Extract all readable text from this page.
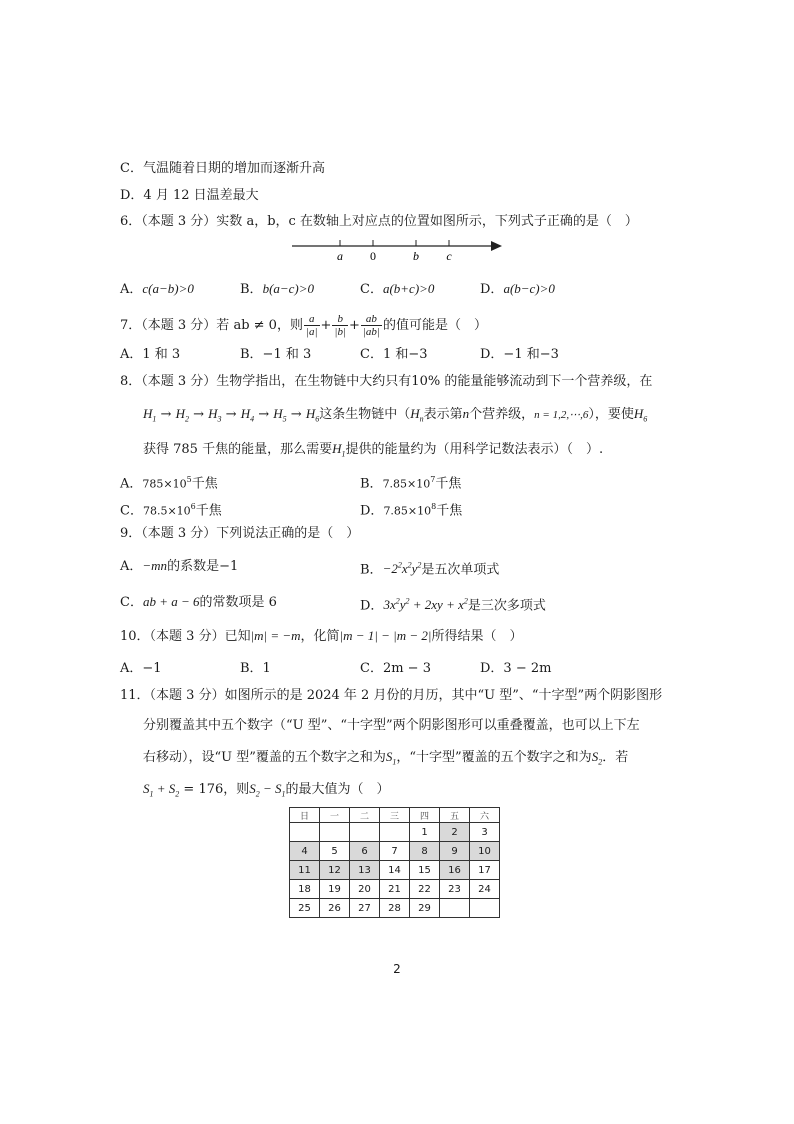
C．气温随着日期的增加而逐渐升高
D．4 月 12 日温差最大
6．（本题 3 分）实数 a，b，c 在数轴上对应点的位置如图所示，下列式子正确的是（　）
a 0	b c
A．c(a−b)>0	B．b(a−c)>0	C．a(b+c)>0	D．a(b−c)>0
7．（本题 3 分）若 ab ≠ 0，则 $\frac{a}{|a|} + \frac{b}{|b|} + \frac{ab}{|ab|}$ 的值可能是（　）
A．1 和 3	B．−1 和 3	C．1 和−3	D．−1 和−3
8．（本题 3 分）生物学指出，在生物链中大约只有10% 的能量能够流动到下一个营养级，在
$H_1 \to H_2 \to H_3 \to H_4 \to H_5 \to H_6$这条生物链中（$H_n$表示第n个营养级，n = 1,2,⋯,6），要使$H_6$
获得 785 千焦的能量，那么需要$H_1$提供的能量约为（用科学记数法表示）（　）.
A．$785\times 10^5$千焦	B．$7.85\times 10^7$千焦
C．$78.5\times 10^6$千焦	D．$7.85\times 10^8$千焦
9．（本题 3 分）下列说法正确的是（　）
A．−mn的系数是−1	B．$-2^2x^2y^2$是五次单项式
C．ab + a − 6的常数项是 6	D．$3x^2y^2 + 2xy + x^2$是三次多项式
10．（本题 3 分）已知|m| = −m，化简|m − 1| − |m − 2|所得结果（　）
A．−1	B．1	C．2m − 3	D．3 − 2m
11．（本题 3 分）如图所示的是 2024 年 2 月份的月历，其中“U 型”、“十字型”两个阴影图形
分别覆盖其中五个数字（“U 型”、“十字型”两个阴影图形可以重叠覆盖，也可以上下左
右移动），设“U 型”覆盖的五个数字之和为$S_1$，“十字型”覆盖的五个数字之和为$S_2$．若
$S_1 + S_2 = 176$，则$S_2 - S_1$的最大值为（　）
日	一	二	三	四	五	六
				1	2	3
4	5	6	7	8	9	10
11	12	13	14	15	16	17
18	19	20	21	22	23	24
25	26	27	28	29		
2
